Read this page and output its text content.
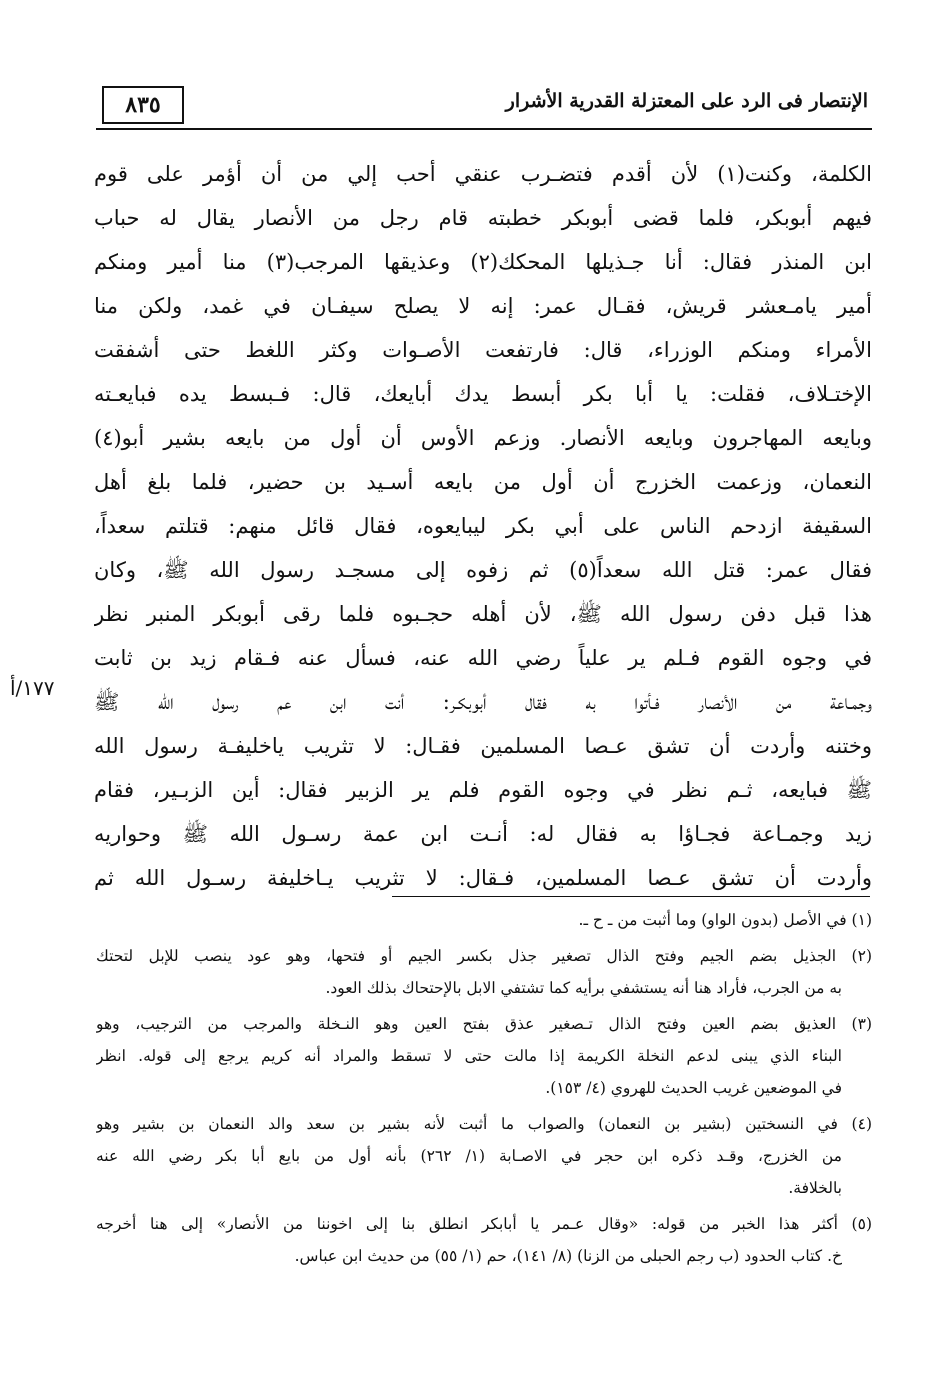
٨٣٥	الإنتصار فى الرد على المعتزلة القدرية الأشرار
١٧٧/أ
الكلمة، وكنت(١) لأن أقدم فتضـرب عنقي أحب إلي من أن أؤمر على قوم
فيهم أبوبكر، فلما قضى أبوبكر خطبته قام رجل من الأنصار يقال له حباب
ابن المنذر فقال: أنا جـذيلها المحكك(٢) وعذيقها المرجب(٣) منا أمير ومنكم
أمير يامـعشر قريش، فقـال عمر: إنه لا يصلح سيفـان في غمد، ولكن منا
الأمراء ومنكم الوزراء، قال: فارتفعت الأصـوات وكثر اللغط حتى أشفقت
الإختـلاف، فقلت: يا أبا بكر أبسط يدك أبايعك، قال: فـبسط يده فبايعـته
وبايعه المهاجرون وبايعه الأنصار. وزعم الأوس أن أول من بايعه بشير أبو(٤)
النعمان، وزعمت الخزرج أن أول من بايعه أسـيد بن حضير، فلما بلغ أهل
السقيفة ازدحم الناس على أبي بكر ليبايعوه، فقال قائل منهم: قتلتم سعداً،
فقال عمر: قتل الله سعداً(٥) ثم زفوه إلى مسجـد رسول الله ﷺ، وكان
هذا قبل دفن رسول الله ﷺ، لأن أهله حجـبوه فلما رقى أبوبكر المنبر نظر
في وجوه القوم فـلم ير علياً رضي الله عنه، فسأل عنه فـقام زيد بن ثابت
وجمـاعة من الأنصار فـأتوا به فقال أبوبكـر: أنت ابن عم رسول الله ﷺ
وختنه وأردت أن تشق عـصا المسلمين فقـال: لا تثريب ياخليفـة رسول الله
ﷺ فبايعه، ثـم نظر في وجوه القوم فلم ير الزبير فقال: أين الزبـير، فقام
زيد وجمـاعة فجـاؤا به فقال له: أنـت ابن عمة رسـول الله ﷺ وحواريه
وأردت أن تشق عـصا المسلمين، فـقال: لا تثريب يـاخليفة رسـول الله ثم
(١) في الأصل (بدون الواو) وما أثبت من ـ ح ـ.
(٢) الجذيل بضم الجيم وفتح الذال تصغير جذل بكسر الجيم أو فتحها، وهو عود ينصب للإبل لتحتك
به من الجرب، فأراد هنا أنه يستشفي برأيه كما تشتفي الابل بالإحتحاك بذلك العود.
(٣) العذيق بضم العين وفتح الذال تـصغير عذق بفتح العين وهو النـخلة والمرجب من الترجيب، وهو
البناء الذي يبنى لدعم النخلة الكريمة إذا مالت حتى لا تسقط والمراد أنه كريم يرجع إلى قوله. انظر
في الموضعين غريب الحديث للهروي (٤/ ١٥٣).
(٤) في النسختين (بشير بن النعمان) والصواب ما أثبت لأنه بشير بن سعد والد النعمان بن بشير وهو
من الخزرج، وقـد ذكره ابن حجر في الاصـابة (١/ ٢٦٢) بأنه أول من بايع أبا بكر رضي الله عنه
بالخلافة.
(٥) أكثر هذا الخبر من قوله: «وقال عـمر يا أبابكر انطلق بنا إلى اخوننا من الأنصار» إلى هنا أخرجه
خ. كتاب الحدود (ب رجم الحبلى من الزنا) (٨/ ١٤١)، حم (١/ ٥٥) من حديث ابن عباس.
